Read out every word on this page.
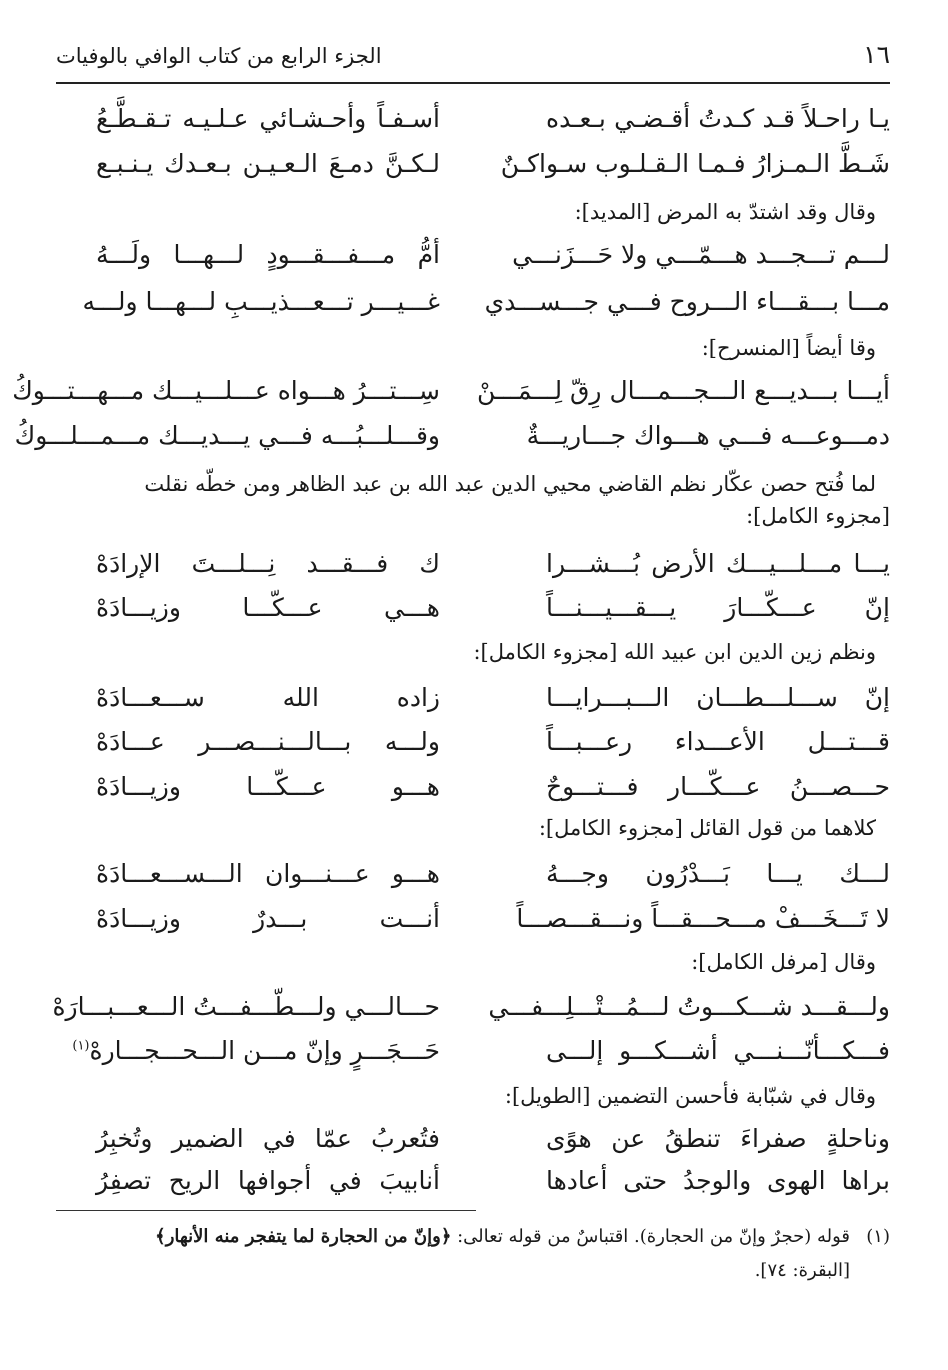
١٦
الجزء الرابع من كتاب الوافي بالوفيات
يـا راحـلاً قـد كـدتُ أقـضـي بـعـده
أسـفـاً وأحـشـائي عـلـيـه تـقـطَّـعُ
شَـطَّ الـمـزارُ فـمـا الـقـلـوب سـواكـنٌ
لـكـنَّ دمـعَ الـعـيـن بـعـدك يـنـبـع
وقال وقد اشتدّ به المرض [المديد]:
لـــم تـــجـــد هـــمّـــي ولا حَـــزَنـــي
أمُّ مـــفـــقـــودٍ لـــهـــا ولَـــهُ
مـــا بـــقـــاء الـــروح فـــي جـــســـدي
غـــيـــر تـــعـــذيـــبِ لـــهـــا ولـــه
وقا أيضاً [المنسرح]:
أيـــا بـــديـــع الـــجـــمـــال رِقّ لِـــمَـــنْ
سِـــتـــرُ هـــواه عـــلـــيـــك مـــهـــتـــوكُ
دمـــوعـــه فـــي هـــواك جـــاريـــةٌ
وقـــلـــبُـــه فـــي يـــديـــك مـــمـــلـــوكُ
لما فُتح حصن عكّار نظم القاضي محيي الدين عبد الله بن عبد الظاهر ومن خطّه نقلت
[مجزوء الكامل]:
يـــا مـــلـــيـــك الأرض بُـــشـــرا
ك فـــقـــد نِـــلـــتَ الإرادَهْ
إنّ عـــكّـــارَ يـــقـــيـــنـــاً
هـــي عـــكّـــا وزيـــادَهْ
ونظم زين الدين ابن عبيد الله [مجزوء الكامل]:
إنّ ســـلـــطـــان الـــبـــرايـــا
زاده الله ســـعـــادَهْ
قـــتـــل الأعـــداء رعـــبـــاً
ولـــه بـــالـــنـــصـــر عـــادَهْ
حـــصـــنُ عـــكّـــار فـــتـــوحٌ
هـــو عـــكّـــا وزيـــادَهْ
كلاهما من قول القائل [مجزوء الكامل]:
لـــك يـــا بَـــدْرُون وجـــهُ
هـــو عـــنـــوان الـــســـعـــادَهْ
لا تَـــخَـــفْ مـــحـــقـــاً ونـــقـــصـــاً
أنـــت بـــدرٌ وزيـــادَهْ
وقال [مرفل الكامل]:
ولـــقـــد شـــكـــوتُ لـــمُـــتْـــلِـــفـــي
حـــالـــي ولـــطّـــفـــتُ الـــعـــبـــارَهْ
فـــكـــأنّـــنـــي أشـــكـــو إلـــى
حَـــجَـــرٍ وإنّ مـــن الـــحـــجـــارهْ$^{(١)}$
وقال في شبّابة فأحسن التضمين [الطويل]:
وناحلةٍ صفراءَ تنطقُ عن هوًى
فتُعربُ عمّا في الضمير وتُخبِرُ
براها الهوى والوجدُ حتى أعادها
أنابيبَ في أجوافها الريح تصفِرُ
(١)قوله (حجرٌ وإنّ من الحجارة). اقتباسٌ من قوله تعالى: ﴿وإنّ من الحجارة لما يتفجر منه الأنهار﴾
[البقرة: ٧٤].
